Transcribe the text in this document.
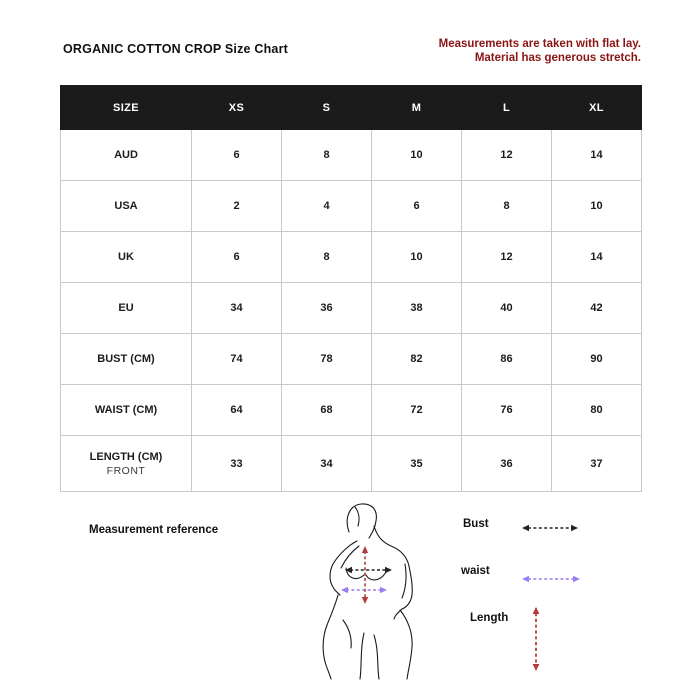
ORGANIC COTTON CROP Size Chart	Measurements are taken with flat lay.
Material has generous stretch.
SIZE	XS	S	M	L	XL
AUD	6	8	10	12	14
USA	2	4	6	8	10
UK	6	8	10	12	14
EU	34	36	38	40	42
BUST (CM)	74	78	82	86	90
WAIST (CM)	64	68	72	76	80
LENGTH (CM)
FRONT	33	34	35	36	37
Measurement reference	Bust
waist
Length
